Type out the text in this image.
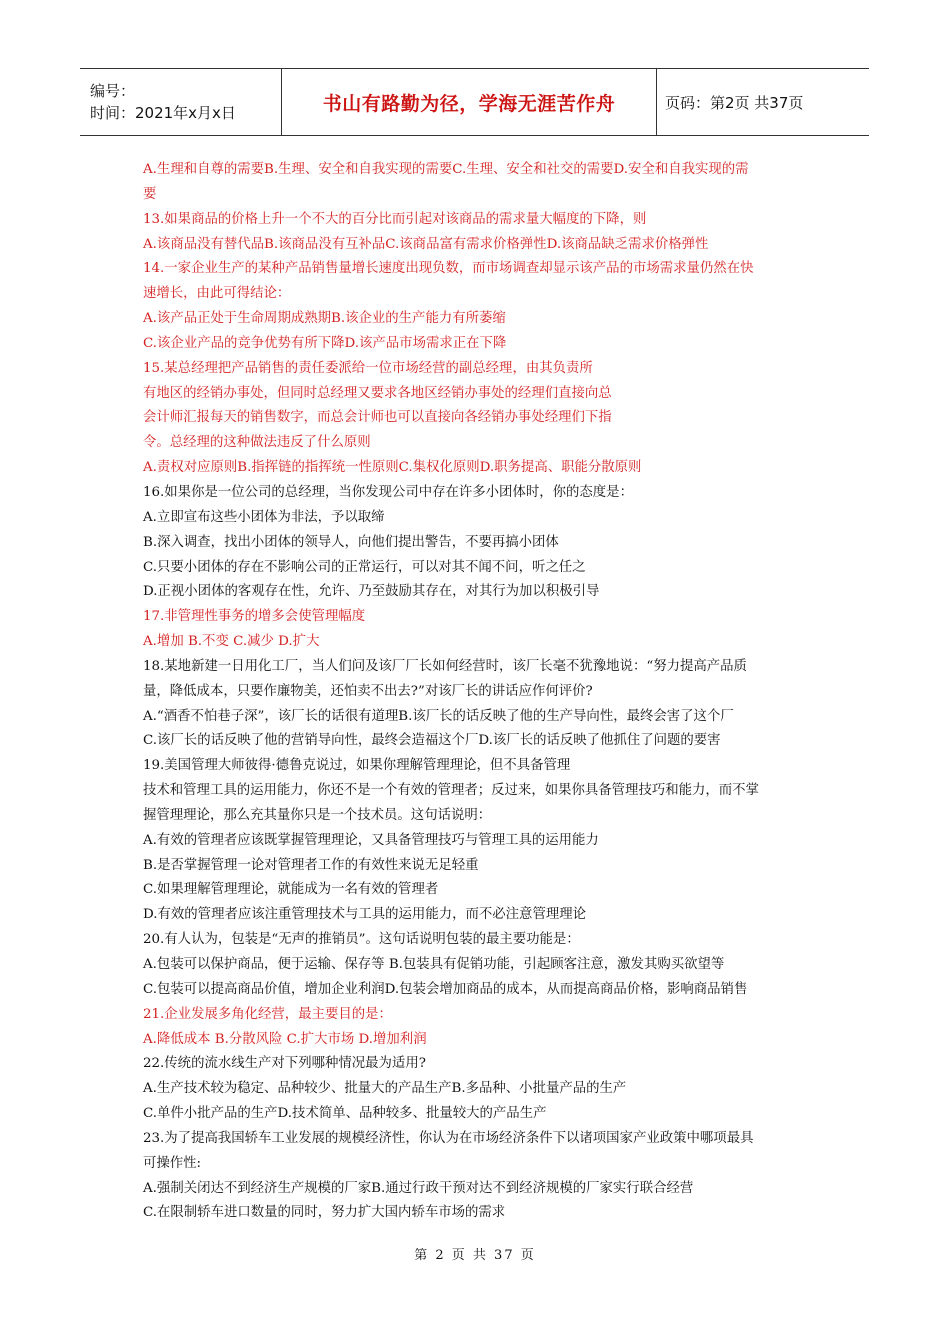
编号：
时间：2021年x月x日	书山有路勤为径，学海无涯苦作舟	页码：第2页 共37页
A.生理和自尊的需要B.生理、安全和自我实现的需要C.生理、安全和社交的需要D.安全和自我实现的需
要
13.如果商品的价格上升一个不大的百分比而引起对该商品的需求量大幅度的下降，则
A.该商品没有替代品B.该商品没有互补品C.该商品富有需求价格弹性D.该商品缺乏需求价格弹性
14.一家企业生产的某种产品销售量增长速度出现负数，而市场调查却显示该产品的市场需求量仍然在快
速增长，由此可得结论：
A.该产品正处于生命周期成熟期B.该企业的生产能力有所萎缩
C.该企业产品的竞争优势有所下降D.该产品市场需求正在下降
15.某总经理把产品销售的责任委派给一位市场经营的副总经理，由其负责所
有地区的经销办事处，但同时总经理又要求各地区经销办事处的经理们直接向总
会计师汇报每天的销售数字，而总会计师也可以直接向各经销办事处经理们下指
令。总经理的这种做法违反了什么原则
A.责权对应原则B.指挥链的指挥统一性原则C.集权化原则D.职务提高、职能分散原则
16.如果你是一位公司的总经理，当你发现公司中存在许多小团体时，你的态度是：
A.立即宣布这些小团体为非法，予以取缔
B.深入调查，找出小团体的领导人，向他们提出警告，不要再搞小团体
C.只要小团体的存在不影响公司的正常运行，可以对其不闻不问，听之任之
D.正视小团体的客观存在性，允许、乃至鼓励其存在，对其行为加以积极引导
17.非管理性事务的增多会使管理幅度
A.增加 B.不变 C.减少 D.扩大
18.某地新建一日用化工厂，当人们问及该厂厂长如何经营时，该厂长毫不犹豫地说：“努力提高产品质
量，降低成本，只要作廉物美，还怕卖不出去?”对该厂长的讲话应作何评价?
A.“酒香不怕巷子深”，该厂长的话很有道理B.该厂长的话反映了他的生产导向性，最终会害了这个厂
C.该厂长的话反映了他的营销导向性，最终会造福这个厂D.该厂长的话反映了他抓住了问题的要害
19.美国管理大师彼得·德鲁克说过，如果你理解管理理论，但不具备管理
技术和管理工具的运用能力，你还不是一个有效的管理者；反过来，如果你具备管理技巧和能力，而不掌
握管理理论，那么充其量你只是一个技术员。这句话说明：
A.有效的管理者应该既掌握管理理论，又具备管理技巧与管理工具的运用能力
B.是否掌握管理一论对管理者工作的有效性来说无足轻重
C.如果理解管理理论，就能成为一名有效的管理者
D.有效的管理者应该注重管理技术与工具的运用能力，而不必注意管理理论
20.有人认为，包装是“无声的推销员”。这句话说明包装的最主要功能是：
A.包装可以保护商品，便于运输、保存等 B.包装具有促销功能，引起顾客注意，激发其购买欲望等
C.包装可以提高商品价值，增加企业利润D.包装会增加商品的成本，从而提高商品价格，影响商品销售
21.企业发展多角化经营，最主要目的是：
A.降低成本 B.分散风险 C.扩大市场 D.增加利润
22.传统的流水线生产对下列哪种情况最为适用?
A.生产技术较为稳定、品种较少、批量大的产品生产B.多品种、小批量产品的生产
C.单件小批产品的生产D.技术简单、品种较多、批量较大的产品生产
23.为了提高我国轿车工业发展的规模经济性，你认为在市场经济条件下以诸项国家产业政策中哪项最具
可操作性:
A.强制关闭达不到经济生产规模的厂家B.通过行政干预对达不到经济规模的厂家实行联合经营
C.在限制轿车进口数量的同时，努力扩大国内轿车市场的需求
第 2 页 共 37 页
